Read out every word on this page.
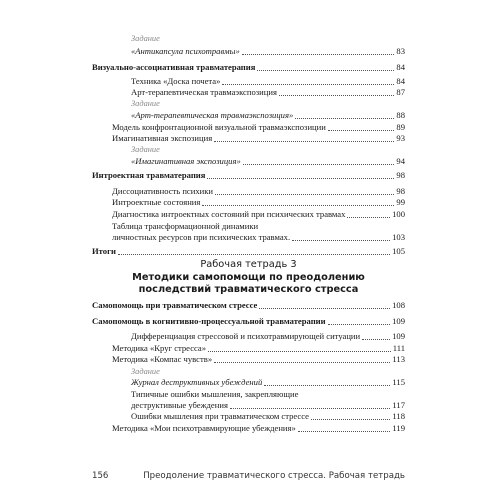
Задание
«Антикапсула психотравмы»	83
Визуально-ассоциативная травматерапия	84
Техника «Доска почета»	84
Арт-терапевтическая травмаэкспозиция	87
Задание
«Арт-терапевтическая травмаэкспозиция»	88
Модель конфронтационной визуальной травмаэкспозиции	89
Имагинативная экспозиция	93
Задание
«Имагинативная экспозиция»	94
Интроектная травматерапия	98
Диссоциативность психики	98
Интроектные состояния	99
Диагностика интроектных состояний при психических травмах	100
Таблица трансформационной динамики
личностных ресурсов при психических травмах.	103
Итоги	105
Рабочая тетрадь 3
Методики самопомощи по преодолению
последствий травматического стресса
Самопомощь при травматическом стрессе	108
Самопомощь в когнитивно-процессуальной травматерапии	109
Дифференциация стрессовой и психотравмирующей ситуации	109
Методика «Круг стресса»	111
Методика «Компас чувств»	113
Задание
Журнал деструктивных убеждений	115
Типичные ошибки мышления, закрепляющие
деструктивные убеждения	117
Ошибки мышления при травматическом стрессе	118
Методика «Мои психотравмирующие убеждения»	119
156	Преодоление травматического стресса. Рабочая тетрадь
